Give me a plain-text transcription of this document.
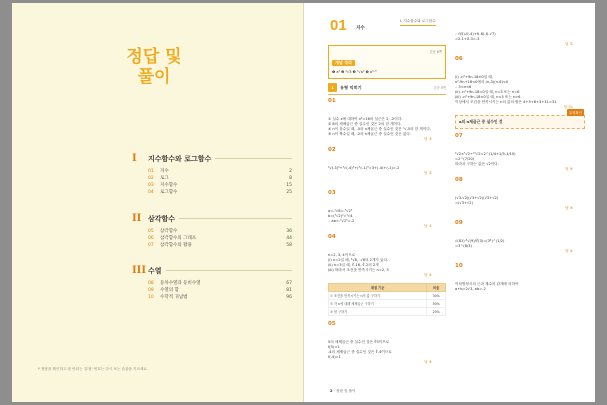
정답 및
풀이
I	지수함수와 로그함수
01	지수	2
02	로그	8
03	지수함수	15
04	로그함수	25
II 삼각함수
05	삼각함수	36
06	삼각함수의 그래프	44
07	삼각함수의 활용	58
III 수열
08	등차수열과 등비수열	67
09	수열의 합	81
10	수학적 귀납법	96
* 정답을 확인하고 잘 안되는 '유형' 번호는 다시 보는 습관을 기르세요.
01 지수
I. 지수함수와 로그함수
개념 정리
본문 8쪽
❶ a² ❷ ⁴√3 ❸ ³√a² ❹ a⁵ᐟ⁶
1	유형 익히기	본문 9쪽
01
① 실수 x에 대하여 x⁴=16의 실근은 2, -2이다.
② 8의 세제곱근 중 실수인 것은 2의 한 개이다.
④ n이 홀수일 때, -5의 n제곱근 중 실수인 것은 ⁿ√-5의 한 개이다.
⑤ n이 짝수일 때, -2의 n제곱근 중 실수인 것은 없다.
답 ③
02
⁴√(-3)⁴+³√(-4)³+(⁴√-1)³=3+(-4)+(-1)=-2
답 ②
03
a=-⁵√8=-⁵√2³
b=(⁵√2)²=⁵√4
∴ ab=-⁵√2⁵=-2
답 ①
04
n=2, 3, 4이므로
(i) n=2일 때, ⁴√8, -√8의 2개가 있다.
(ii) n=3일 때, ∛-16, ∛-2의 2개
(iii) 따라서 조건을 만족시키는 n=2, 3
답 ④
채점 기준	비율
① 조건을 만족시키는 n의 값 구하기	30%
② 각 n에 대해 세제곱근 구하기	50%
③ 답 구하기	20%
05
5의 세제곱근 중 실수인 것은 ∛5이므로
f(5)=1
-4의 세제곱근 중 실수인 것은 ∛-4이므로
f(-4)=1
답 ⑤

∴ f(5)-f(-4)+f(-6)-f(-√7)
=2-1+0-3=-3
답 ②
06
(i) -n²+9n-18>0일 때,
n²-9n+18<0에서 (n-3)(n-6)<0
∴ 3<n<6
(ii) -n²+9n-18=0일 때, n=3 또는 n=6
(iii) -n²+9n-18<0일 때, n<3 또는 n>6
이상에서 조건을 만족시키는 n의 값의 합은 4+5+6+3+11=31
답 31
유형확인
a의 n제곱근 중 실수인 것
07
⁴√2×⁵√2÷¹⁰√2=2^(1/4+1/5-1/10)
=2^(7/20)
따라서 구하는 값은 √2이다.
답 ⑤
08
(√3-√2)(√3+√2)(√3+√2)
=(√3+√2)
답 ③
09
√(81)·³√(9)/∛(3)=(3⁴)^(1/2)
=3^(8/3)
답 ④
10
이차방정식의 근과 계수의 관계에 의하여
a+b=2√3, ab=-2
2 · 정답 및 풀이
